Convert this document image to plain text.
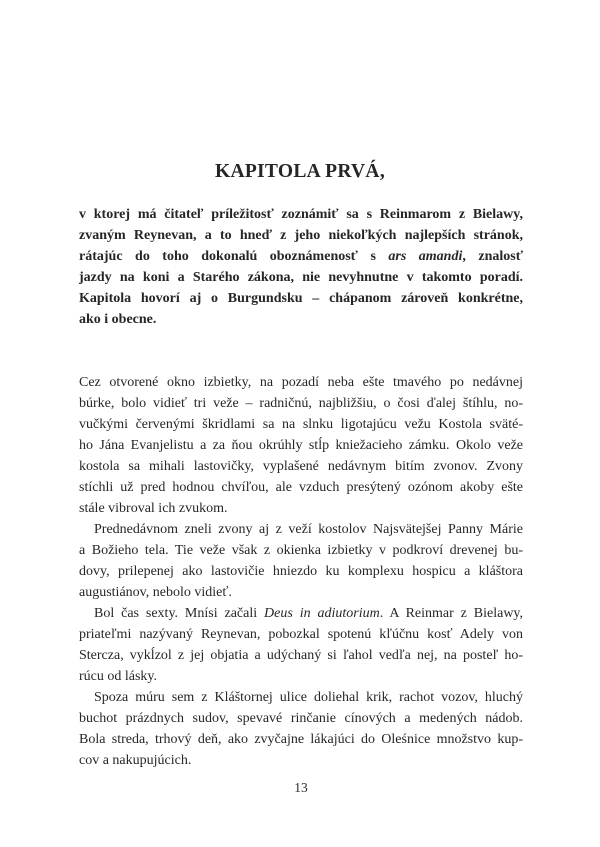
KAPITOLA PRVÁ,
v ktorej má čitateľ príležitosť zoznámiť sa s Reinmarom z Bielawy,
zvaným Reynevan, a to hneď z jeho niekoľkých najlepších stránok,
rátajúc do toho dokonalú oboznámenosť s ars amandi, znalosť
jazdy na koni a Starého zákona, nie nevyhnutne v takomto poradí.
Kapitola hovorí aj o Burgundsku – chápanom zároveň konkrétne,
ako i obecne.
Cez otvorené okno izbietky, na pozadí neba ešte tmavého po nedávnej
búrke, bolo vidieť tri veže – radničnú, najbližšiu, o čosi ďalej štíhlu, no-
vučkými červenými škridlami sa na slnku ligotajúcu vežu Kostola sväté-
ho Jána Evanjelistu a za ňou okrúhly stĺp kniežacieho zámku. Okolo veže
kostola sa mihali lastovičky, vyplašené nedávnym bitím zvonov. Zvony
stíchli už pred hodnou chvíľou, ale vzduch presýtený ozónom akoby ešte
stále vibroval ich zvukom.
Prednedávnom zneli zvony aj z veží kostolov Najsvätejšej Panny Márie
a Božieho tela. Tie veže však z okienka izbietky v podkroví drevenej bu-
dovy, prilepenej ako lastovičie hniezdo ku komplexu hospicu a kláštora
augustiánov, nebolo vidieť.
Bol čas sexty. Mnísi začali Deus in adiutorium. A Reinmar z Bielawy,
priateľmi nazývaný Reynevan, pobozkal spotenú kľúčnu kosť Adely von
Stercza, vykĺzol z jej objatia a udýchaný si ľahol vedľa nej, na posteľ ho-
rúcu od lásky.
Spoza múru sem z Kláštornej ulice doliehal krik, rachot vozov, hluchý
buchot prázdnych sudov, spevavé rinčanie cínových a medených nádob.
Bola streda, trhový deň, ako zvyčajne lákajúci do Oleśnice množstvo kup-
cov a nakupujúcich.
13
